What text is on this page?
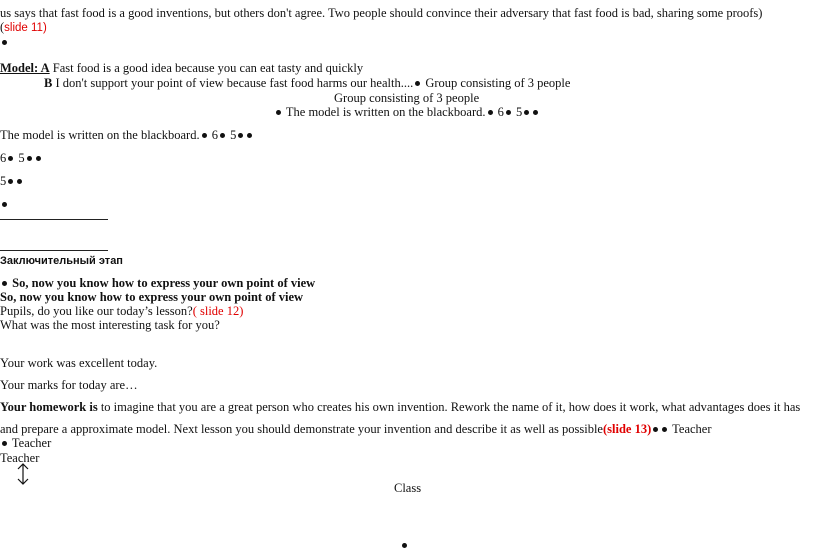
us says that fast food is a good inventions, but others don't agree. Two people should convince their adversary that fast food is bad, sharing some proofs)
(slide 11)
Model: A Fast food is a good idea because you can eat tasty and quickly
B I don't support your point of view because fast food harms our health.... Group consisting of 3 people
Group consisting of 3 people
The model is written on the blackboard. 6 5
The model is written on the blackboard. 6 5
6 5
5
Заключительный этап
So, now you know how to express your own point of view
So, now you know how to express your own point of view
Pupils, do you like our today’s lesson?( slide 12)
What was the most interesting task for you?
Your work was excellent today.
Your marks for today are…
Your homework is to imagine that you are a great person who creates his own invention. Rework the name of it, how does it work, what advantages does it has
and prepare a approximate model. Next lesson you should demonstrate your invention and describe it as well as possible(slide 13) Teacher
Teacher
Teacher
Class
